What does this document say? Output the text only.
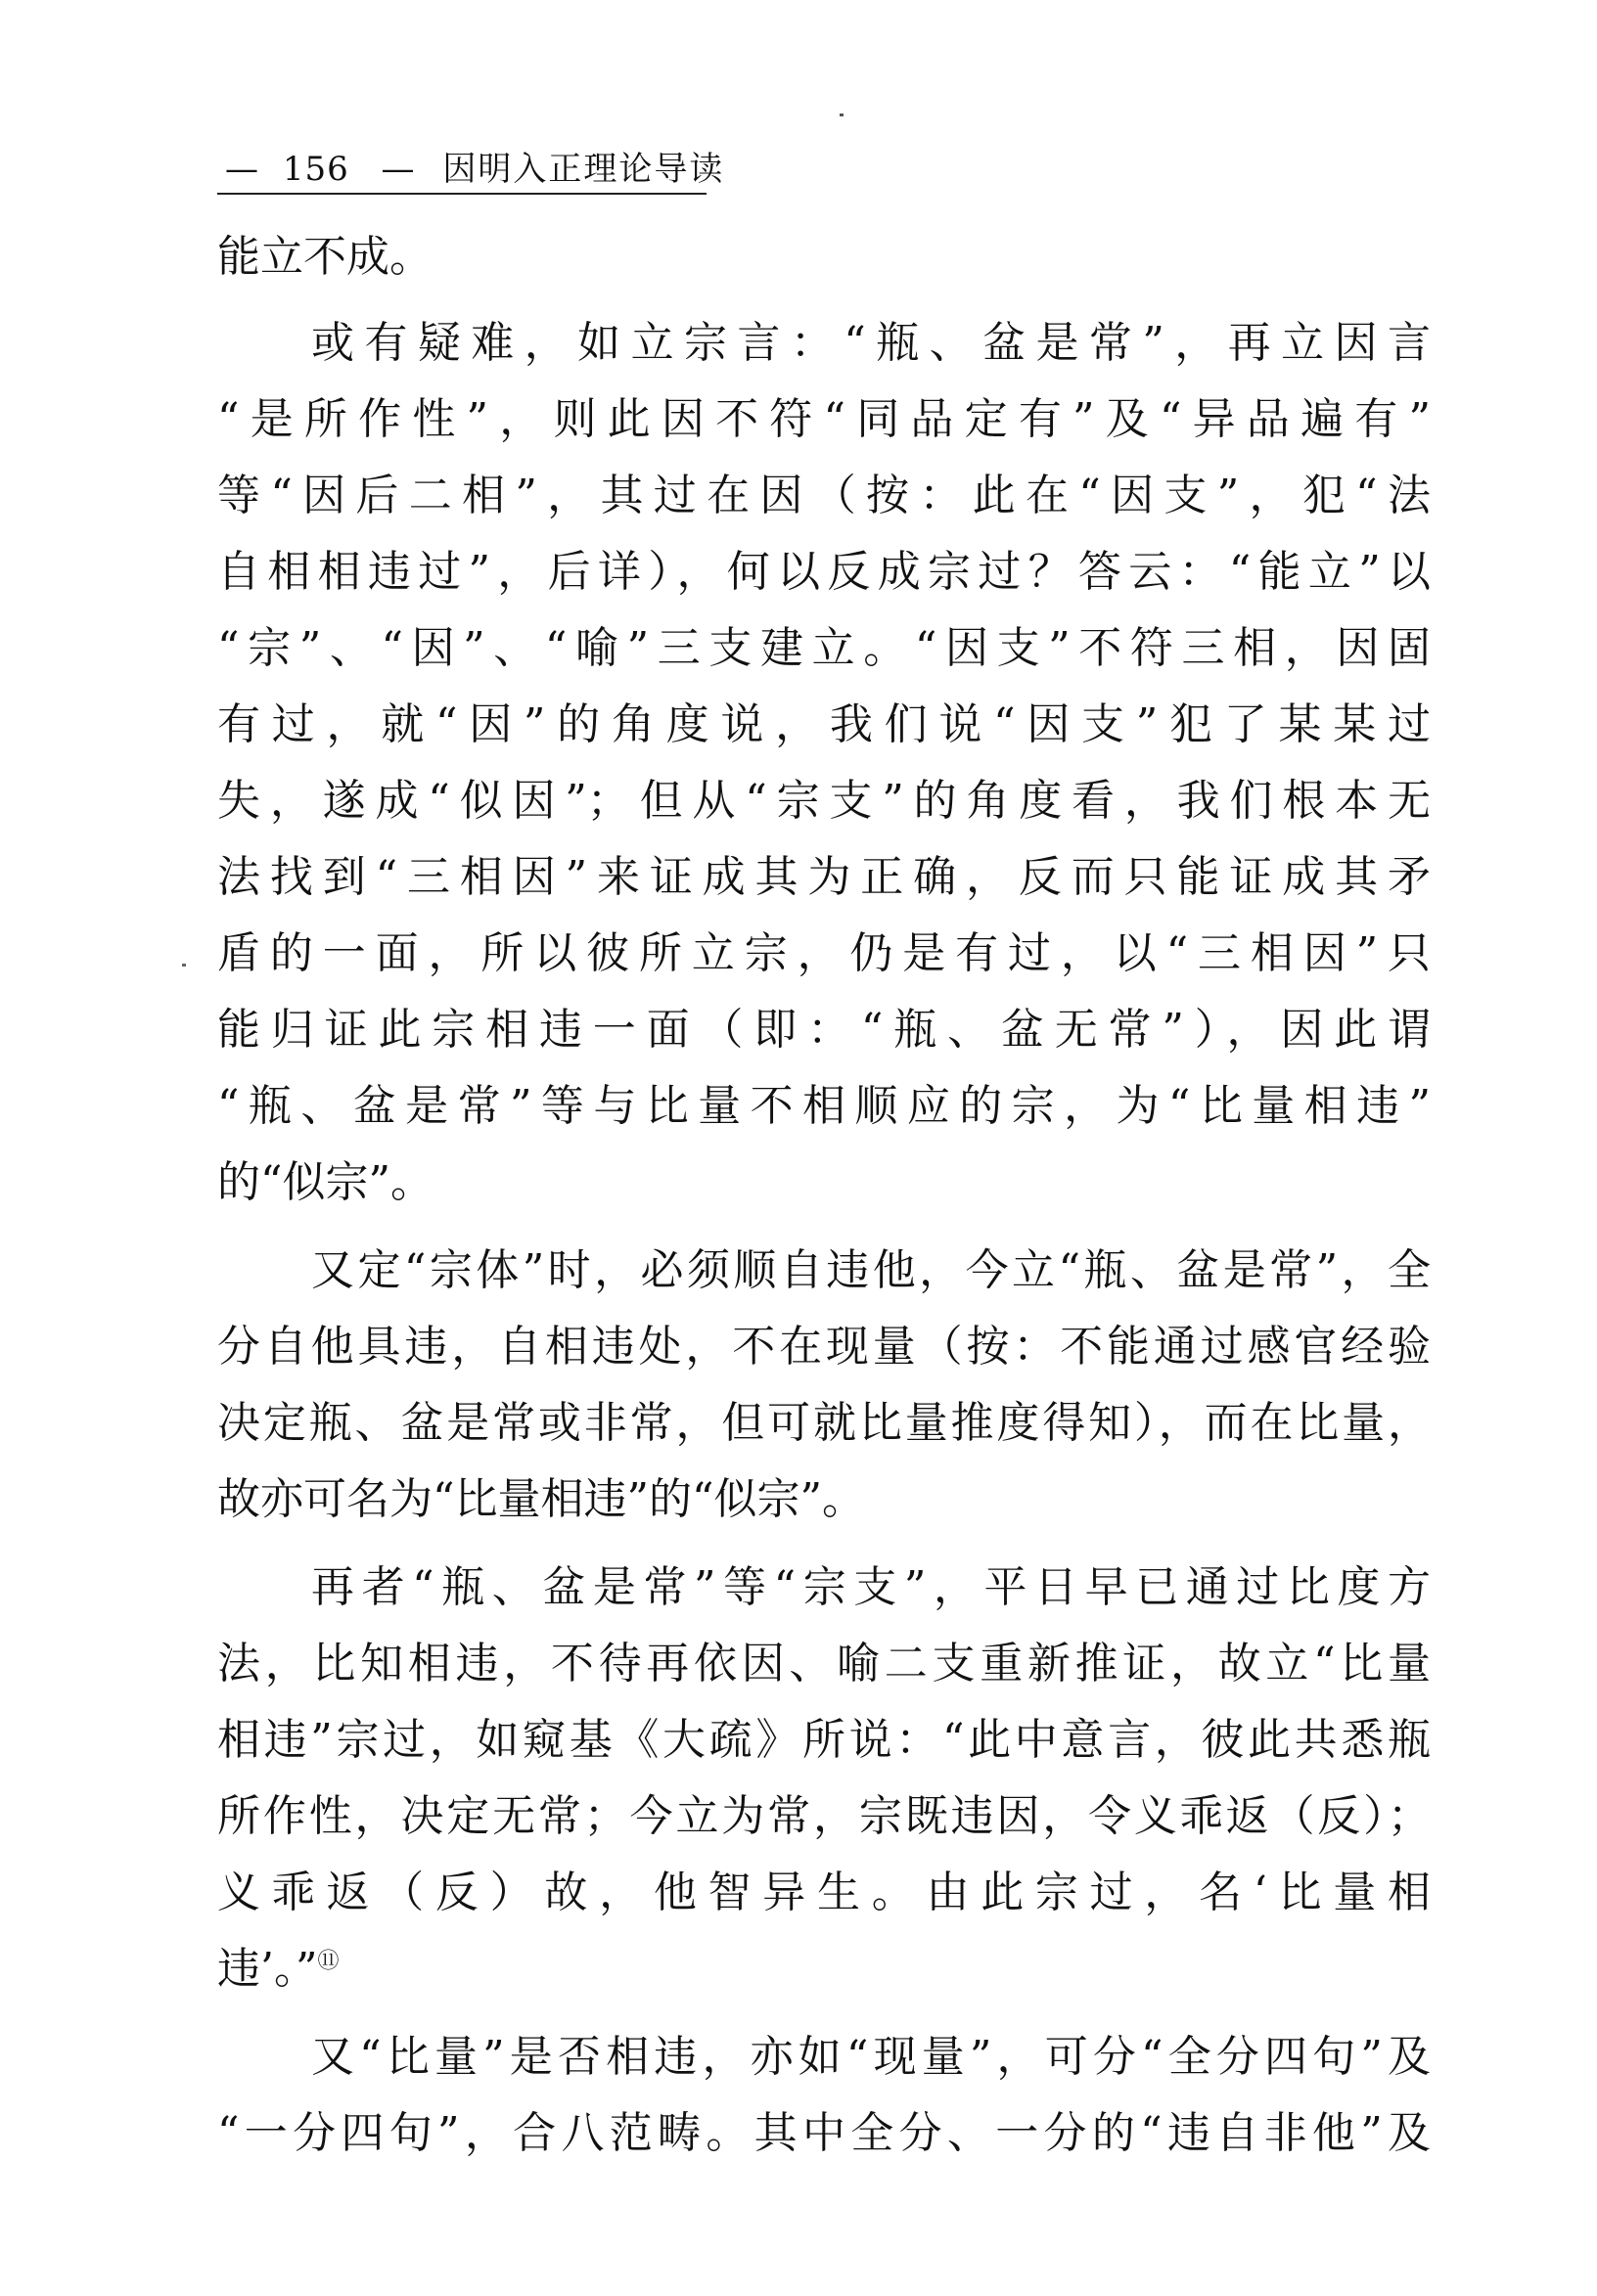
— 156 — 因明入正理论导读
能立不成。
或有疑难，如立宗言：“瓶、盆是常”，再立因言
“是所作性”，则此因不符“同品定有”及“异品遍有”
等“因后二相”，其过在因（按：此在“因支”，犯“法
自相相违过”，后详），何以反成宗过？答云：“能立”以
“宗”、“因”、“喻”三支建立。“因支”不符三相，因固
有过，就“因”的角度说，我们说“因支”犯了某某过
失，遂成“似因”；但从“宗支”的角度看，我们根本无
法找到“三相因”来证成其为正确，反而只能证成其矛
盾的一面，所以彼所立宗，仍是有过，以“三相因”只
能归证此宗相违一面（即：“瓶、盆无常”），因此谓
“瓶、盆是常”等与比量不相顺应的宗，为“比量相违”
的“似宗”。
又定“宗体”时，必须顺自违他，今立“瓶、盆是常”，全
分自他具违，自相违处，不在现量（按：不能通过感官经验
决定瓶、盆是常或非常，但可就比量推度得知），而在比量，
故亦可名为“比量相违”的“似宗”。
再者“瓶、盆是常”等“宗支”，平日早已通过比度方
法，比知相违，不待再依因、喻二支重新推证，故立“比量
相违”宗过，如窥基《大疏》所说：“此中意言，彼此共悉瓶
所作性，决定无常；今立为常，宗既违因，令义乖返（反）；
义乖返（反）故，他智异生。由此宗过，名‘比量相
违’。”⑪
又“比量”是否相违，亦如“现量”，可分“全分四句”及
“一分四句”，合八范畴。其中全分、一分的“违自非他”及
